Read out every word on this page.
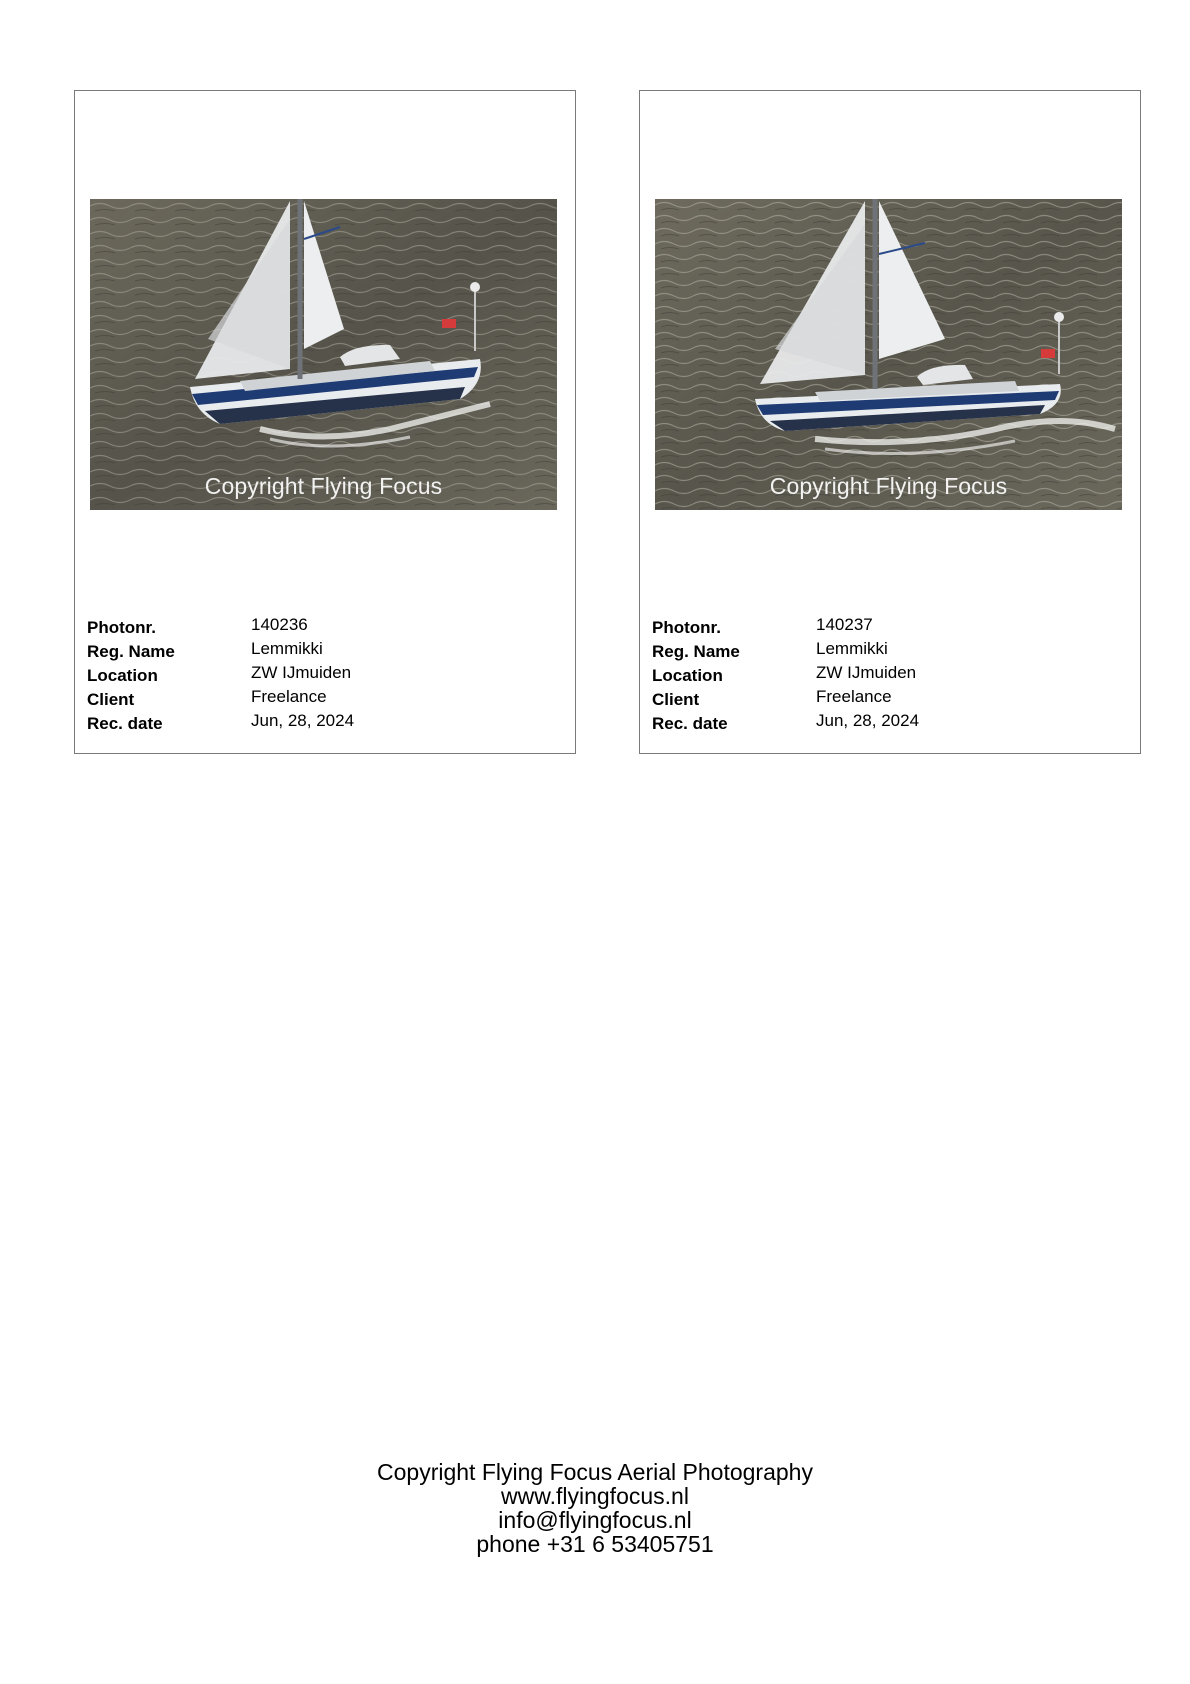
Copyright Flying Focus
Photonr.	140236
Reg. Name	Lemmikki
Location	ZW IJmuiden
Client	Freelance
Rec. date	Jun, 28, 2024
Copyright Flying Focus
Photonr.	140237
Reg. Name	Lemmikki
Location	ZW IJmuiden
Client	Freelance
Rec. date	Jun, 28, 2024
Copyright Flying Focus Aerial Photography
www.flyingfocus.nl
info@flyingfocus.nl
phone +31 6 53405751
